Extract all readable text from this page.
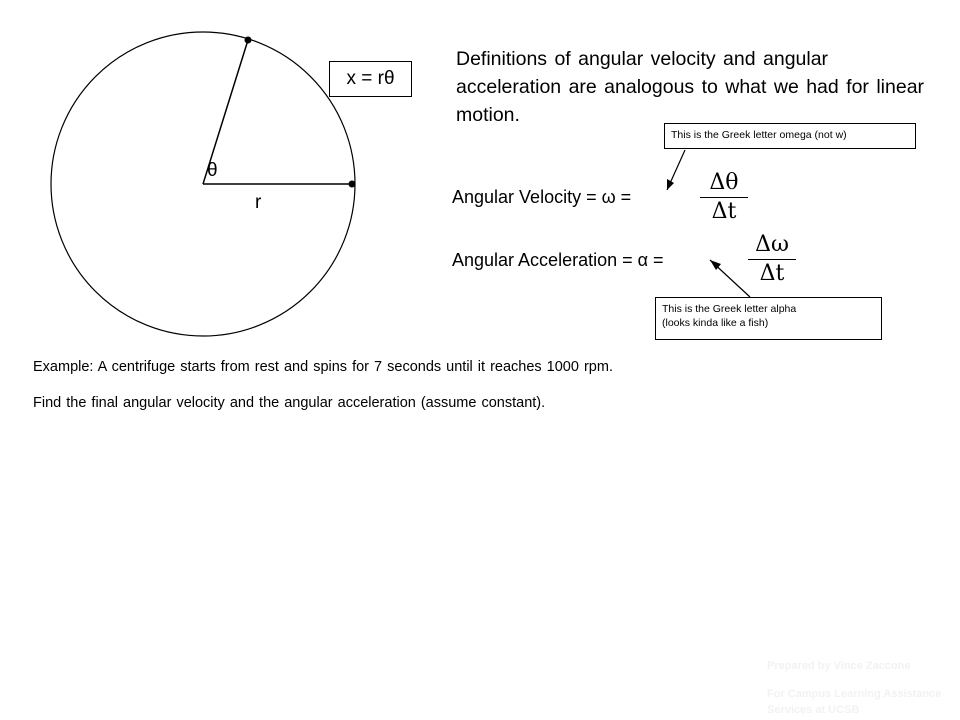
x = rθ
θ
r
Definitions of angular velocity and angular acceleration are analogous to what we had for linear motion.
This is the Greek letter omega (not w)
This is the Greek letter alpha
(looks kinda like a fish)
Angular Velocity = ω =
Δθ
Δt
Angular Acceleration = α =
Δω
Δt
Example: A centrifuge starts from rest and spins for 7 seconds until it reaches 1000 rpm.
Find the final angular velocity and the angular acceleration (assume constant).
Prepared by Vince Zaccone
For Campus Learning Assistance Services at UCSB
